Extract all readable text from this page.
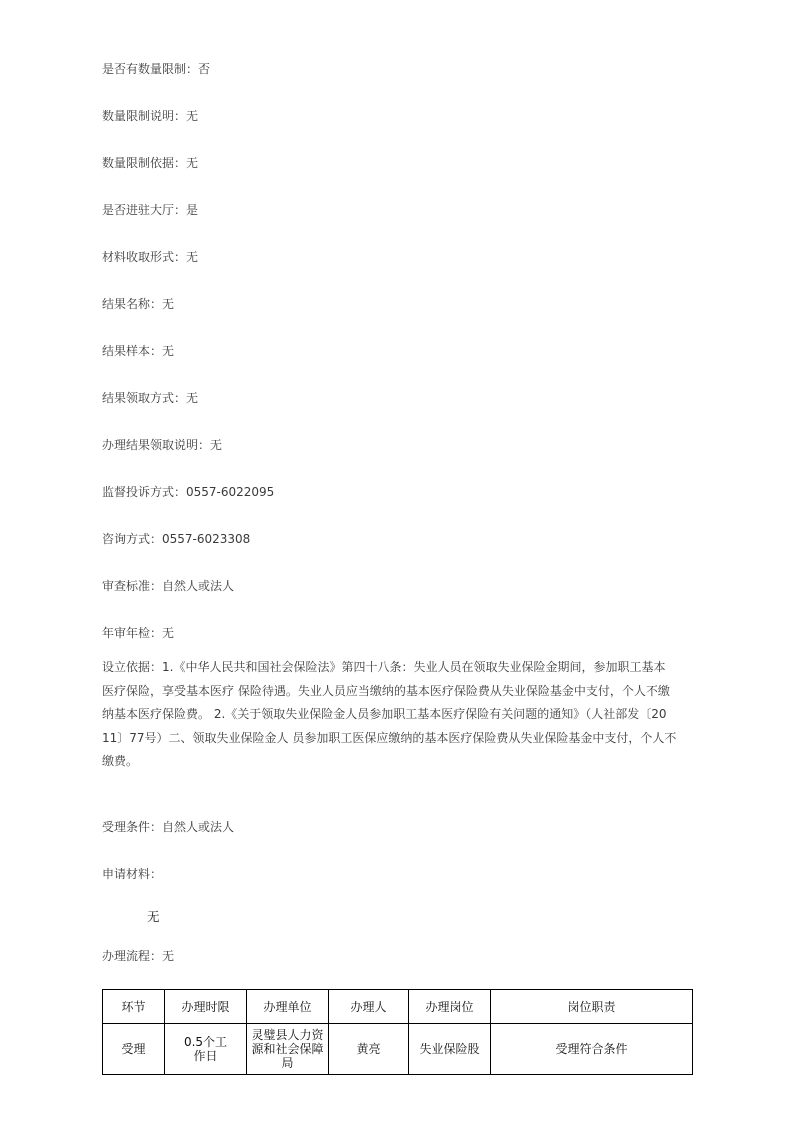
是否有数量限制：否
数量限制说明：无
数量限制依据：无
是否进驻大厅：是
材料收取形式：无
结果名称：无
结果样本：无
结果领取方式：无
办理结果领取说明：无
监督投诉方式：0557-6022095
咨询方式：0557-6023308
审查标准：自然人或法人
年审年检：无
设立依据：1.《中华人民共和国社会保险法》第四十八条：失业人员在领取失业保险金期间，参加职工基本
医疗保险，享受基本医疗 保险待遇。失业人员应当缴纳的基本医疗保险费从失业保险基金中支付，个人不缴
纳基本医疗保险费。 2.《关于领取失业保险金人员参加职工基本医疗保险有关问题的通知》（人社部发〔20
11〕77号）二、领取失业保险金人 员参加职工医保应缴纳的基本医疗保险费从失业保险基金中支付，个人不
缴费。
受理条件：自然人或法人
申请材料：
无
办理流程：无
环节	办理时限	办理单位	办理人	办理岗位	岗位职责
受理	0.5个工作日	灵璧县人力资源和社会保障局	黄亮	失业保险股	受理符合条件
